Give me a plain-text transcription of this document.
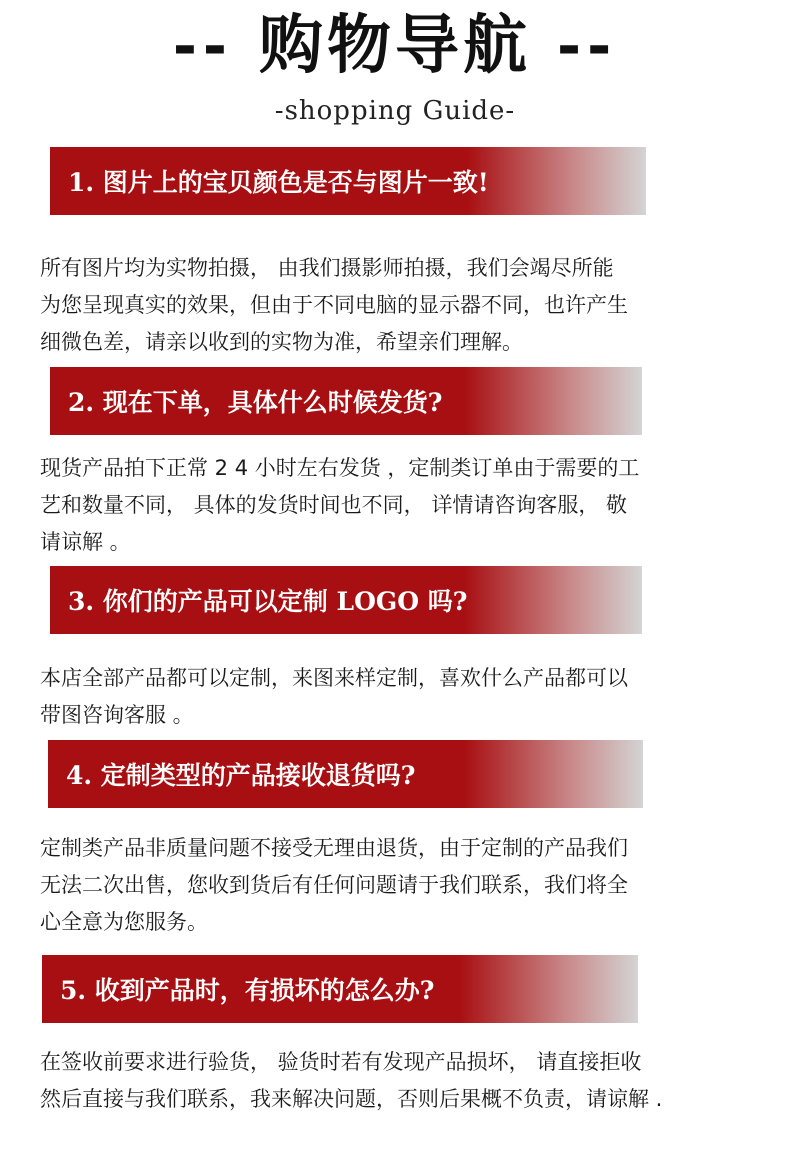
-- 购物导航 --
-shopping Guide-
1. 图片上的宝贝颜色是否与图片一致!
所有图片均为实物拍摄， 由我们摄影师拍摄，我们会竭尽所能
为您呈现真实的效果，但由于不同电脑的显示器不同，也许产生
细微色差，请亲以收到的实物为准，希望亲们理解。
2. 现在下单，具体什么时候发货?
现货产品拍下正常 2 4 小时左右发货 ，定制类订单由于需要的工
艺和数量不同， 具体的发货时间也不同， 详情请咨询客服， 敬
请谅解 。
3. 你们的产品可以定制 LOGO 吗?
本店全部产品都可以定制，来图来样定制，喜欢什么产品都可以
带图咨询客服 。
4. 定制类型的产品接收退货吗?
定制类产品非质量问题不接受无理由退货，由于定制的产品我们
无法二次出售，您收到货后有任何问题请于我们联系，我们将全
心全意为您服务。
5. 收到产品时，有损坏的怎么办?
在签收前要求进行验货， 验货时若有发现产品损坏， 请直接拒收
然后直接与我们联系，我来解决问题，否则后果概不负责，请谅解 .
